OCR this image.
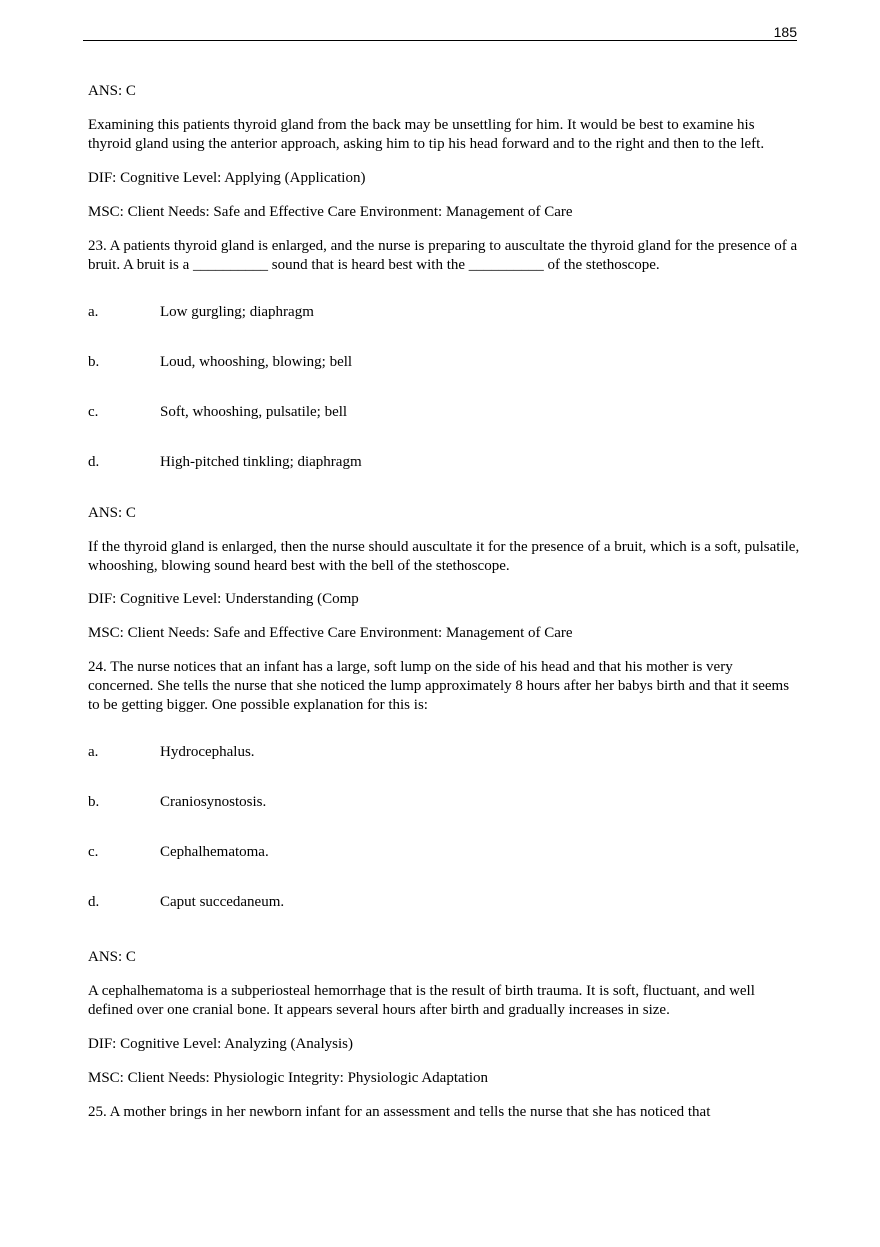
185

ANS: C

Examining this patients thyroid gland from the back may be unsettling for him. It would be best to examine his thyroid gland using the anterior approach, asking him to tip his head forward and to the right and then to the left.

DIF: Cognitive Level: Applying (Application)

MSC: Client Needs: Safe and Effective Care Environment: Management of Care

23. A patients thyroid gland is enlarged, and the nurse is preparing to auscultate the thyroid gland for the presence of a bruit. A bruit is a __________ sound that is heard best with the __________ of the stethoscope.

a.	Low gurgling; diaphragm
b.	Loud, whooshing, blowing; bell
c.	Soft, whooshing, pulsatile; bell
d.	High-pitched tinkling; diaphragm

ANS: C

If the thyroid gland is enlarged, then the nurse should auscultate it for the presence of a bruit, which is a soft, pulsatile, whooshing, blowing sound heard best with the bell of the stethoscope.

DIF: Cognitive Level: Understanding (Comp

MSC: Client Needs: Safe and Effective Care Environment: Management of Care

24. The nurse notices that an infant has a large, soft lump on the side of his head and that his mother is very concerned. She tells the nurse that she noticed the lump approximately 8 hours after her babys birth and that it seems to be getting bigger. One possible explanation for this is:

a.	Hydrocephalus.
b.	Craniosynostosis.
c.	Cephalhematoma.
d.	Caput succedaneum.

ANS: C

A cephalhematoma is a subperiosteal hemorrhage that is the result of birth trauma. It is soft, fluctuant, and well defined over one cranial bone. It appears several hours after birth and gradually increases in size.

DIF: Cognitive Level: Analyzing (Analysis)

MSC: Client Needs: Physiologic Integrity: Physiologic Adaptation

25. A mother brings in her newborn infant for an assessment and tells the nurse that she has noticed that
